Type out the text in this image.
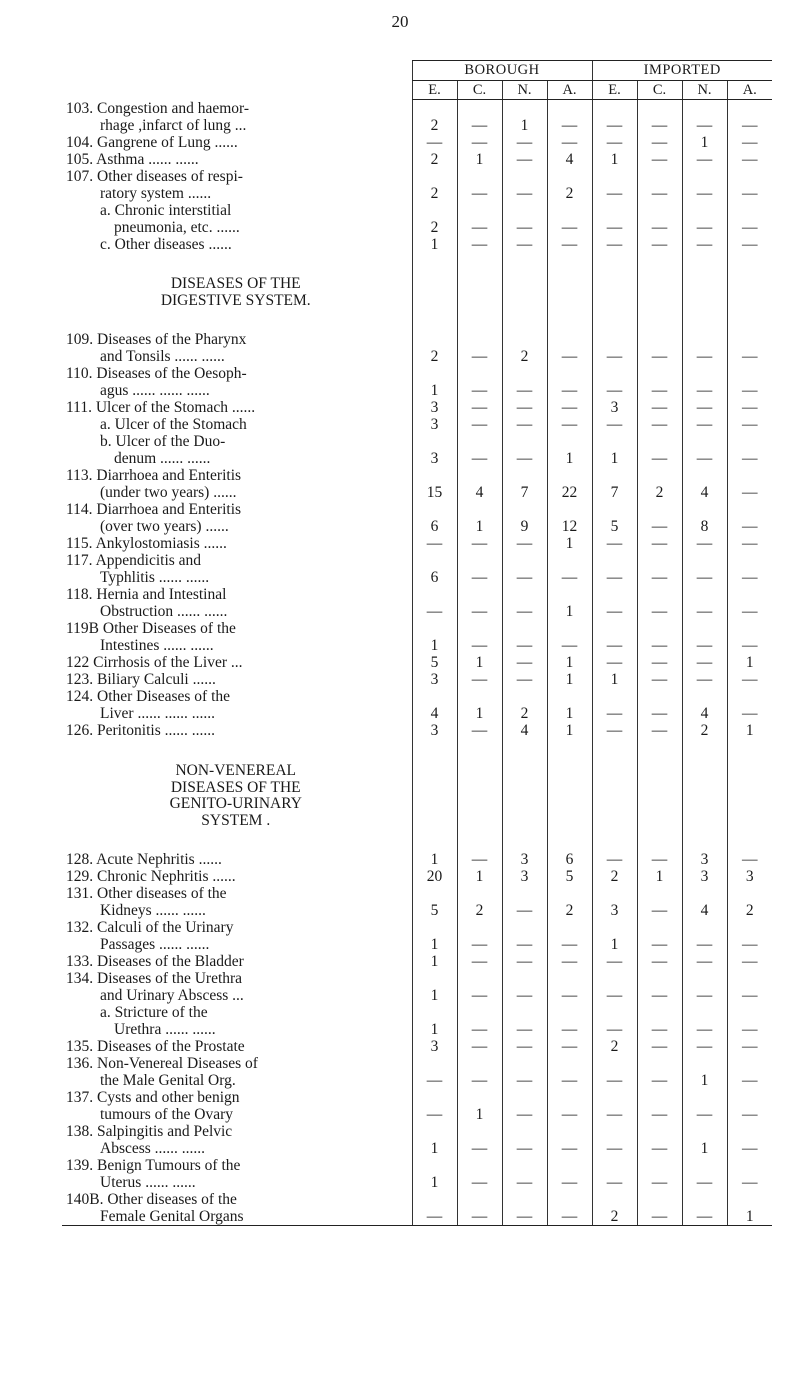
20
	BOROUGH				IMPORTED			
	E.	C.	N.	A.	E.	C.	N.	A.

103. Congestion and haemor-
rhage ,infarct of lung ...	2	—	1	—	—	—	—	—

104. Gangrene of Lung ......	—	—	—	—	—	—	1	—

105. Asthma ...... ......	2	1	—	4	1	—	—	—

107. Other diseases of respi-
ratory system ......	2	—	—	2	—	—	—	—

a. Chronic interstitial
pneumonia, etc. ......	2	—	—	—	—	—	—	—

c. Other diseases ......	1	—	—	—	—	—	—	—

DISEASES OF THE
DIGESTIVE SYSTEM.								

109. Diseases of the Pharynx
and Tonsils ...... ......	2	—	2	—	—	—	—	—

110. Diseases of the Oesoph-
agus ...... ...... ......	1	—	—	—	—	—	—	—

111. Ulcer of the Stomach ......	3	—	—	—	3	—	—	—

a. Ulcer of the Stomach	3	—	—	—	—	—	—	—

b. Ulcer of the Duo-
denum ...... ......	3	—	—	1	1	—	—	—

113. Diarrhoea and Enteritis
(under two years) ......	15	4	7	22	7	2	4	—

114. Diarrhoea and Enteritis
(over two years) ......	6	1	9	12	5	—	8	—

115. Ankylostomiasis ......	—	—	—	1	—	—	—	—

117. Appendicitis and
Typhlitis ...... ......	6	—	—	—	—	—	—	—

118. Hernia and Intestinal
Obstruction ...... ......	—	—	—	1	—	—	—	—

119B Other Diseases of the
Intestines ...... ......	1	—	—	—	—	—	—	—

122 Cirrhosis of the Liver ...	5	1	—	1	—	—	—	1

123. Biliary Calculi ......	3	—	—	1	1	—	—	—

124. Other Diseases of the
Liver ...... ...... ......	4	1	2	1	—	—	4	—

126. Peritonitis ...... ......	3	—	4	1	—	—	2	1

NON-VENEREAL
DISEASES OF THE
GENITO-URINARY
SYSTEM .								

128. Acute Nephritis ......	1	—	3	6	—	—	3	—

129. Chronic Nephritis ......	20	1	3	5	2	1	3	3

131. Other diseases of the
Kidneys ...... ......	5	2	—	2	3	—	4	2

132. Calculi of the Urinary
Passages ...... ......	1	—	—	—	1	—	—	—

133. Diseases of the Bladder	1	—	—	—	—	—	—	—

134. Diseases of the Urethra
and Urinary Abscess ...	1	—	—	—	—	—	—	—

a. Stricture of the
Urethra ...... ......	1	—	—	—	—	—	—	—

135. Diseases of the Prostate	3	—	—	—	2	—	—	—

136. Non-Venereal Diseases of
the Male Genital Org.	—	—	—	—	—	—	1	—

137. Cysts and other benign
tumours of the Ovary	—	1	—	—	—	—	—	—

138. Salpingitis and Pelvic
Abscess ...... ......	1	—	—	—	—	—	1	—

139. Benign Tumours of the
Uterus ...... ......	1	—	—	—	—	—	—	—

140B. Other diseases of the
Female Genital Organs	—	—	—	—	2	—	—	1
